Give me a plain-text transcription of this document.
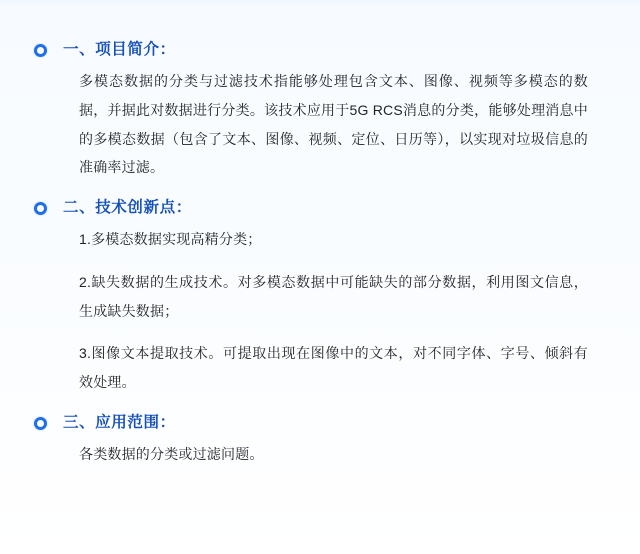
一、项目简介：

多模态数据的分类与过滤技术指能够处理包含文本、图像、视频等多模态的数据，并据此对数据进行分类。该技术应用于5G RCS消息的分类，能够处理消息中的多模态数据（包含了文本、图像、视频、定位、日历等），以实现对垃圾信息的准确率过滤。

二、技术创新点：

1.多模态数据实现高精分类；

2.缺失数据的生成技术。对多模态数据中可能缺失的部分数据，利用图文信息，生成缺失数据；

3.图像文本提取技术。可提取出现在图像中的文本，对不同字体、字号、倾斜有效处理。

三、应用范围：

各类数据的分类或过滤问题。
